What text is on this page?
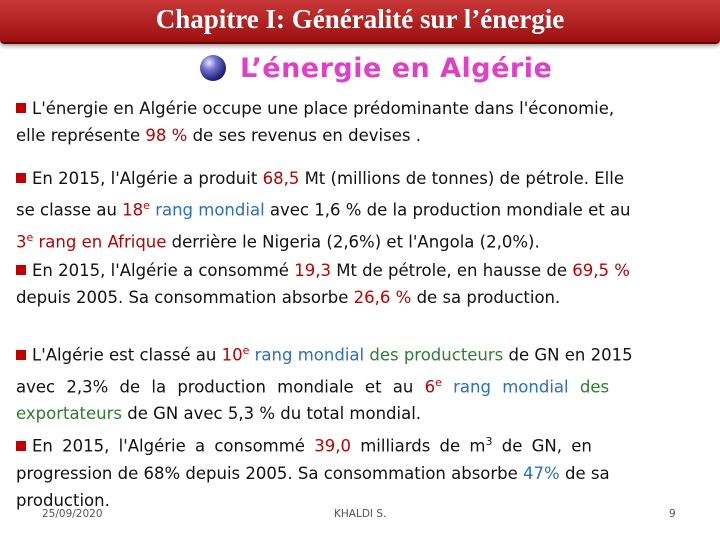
Chapitre I: Généralité sur l’énergie
L’énergie en Algérie
L'énergie en Algérie occupe une place prédominante dans l'économie,
elle représente 98 % de ses revenus en devises .
En 2015, l'Algérie a produit 68,5 Mt (millions de tonnes) de pétrole. Elle
se classe au 18e rang mondial avec 1,6 % de la production mondiale et au
3e rang en Afrique derrière le Nigeria (2,6%) et l'Angola (2,0%).
En 2015, l'Algérie a consommé 19,3 Mt de pétrole, en hausse de 69,5 %
depuis 2005. Sa consommation absorbe 26,6 % de sa production.
L'Algérie est classé au 10e rang mondial des producteurs de GN en 2015
avec 2,3% de la production mondiale et au 6e rang mondial des
exportateurs de GN avec 5,3 % du total mondial.
En 2015, l'Algérie a consommé 39,0 milliards de $m^3$ de GN, en
progression de 68% depuis 2005. Sa consommation absorbe 47% de sa
production.
25/09/2020	KHALDI S.	9
